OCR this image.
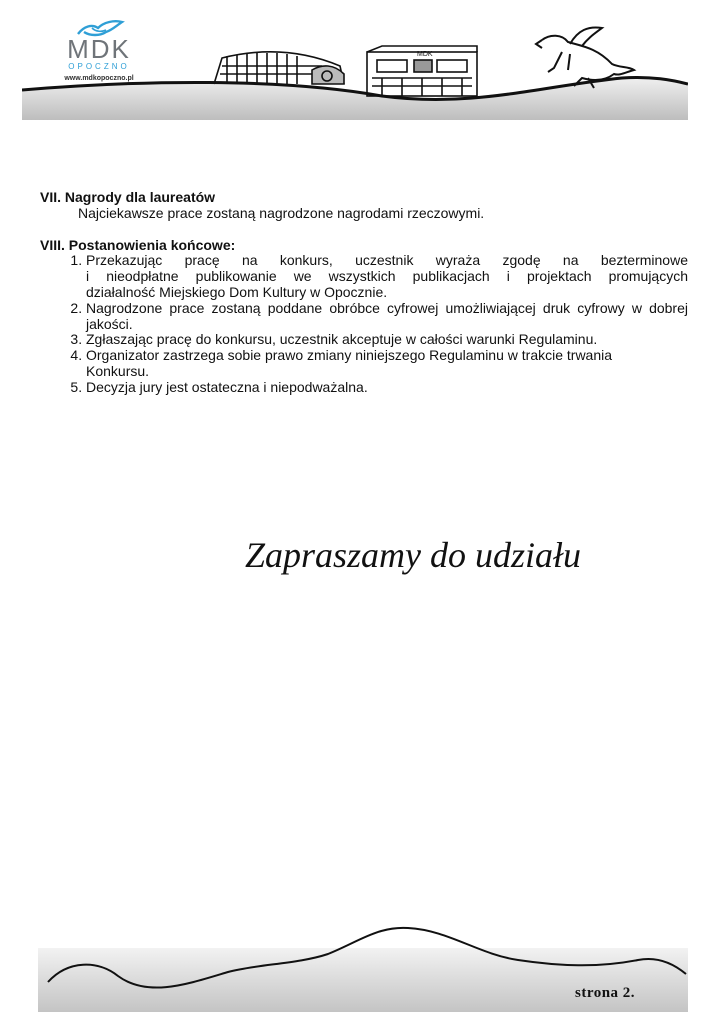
MDK
MDK
OPOCZNO
www.mdkopoczno.pl

VII. Nagrody dla laureatów

Najciekawsze prace zostaną nagrodzone nagrodami rzeczowymi.

VIII. Postanowienia końcowe:

1. Przekazując pracę na konkurs, uczestnik wyraża zgodę na bezterminowe
i nieodpłatne publikowanie we wszystkich publikacjach i projektach promujących
działalność Miejskiego Dom Kultury w Opocznie.
2. Nagrodzone prace zostaną poddane obróbce cyfrowej umożliwiającej druk cyfrowy w dobrej
jakości.
3. Zgłaszając pracę do konkursu, uczestnik akceptuje w całości warunki Regulaminu.
4. Organizator zastrzega sobie prawo zmiany niniejszego Regulaminu w trakcie trwania
Konkursu.
5. Decyzja jury jest ostateczna i niepodważalna.
Zapraszamy do udziału
strona 2.
